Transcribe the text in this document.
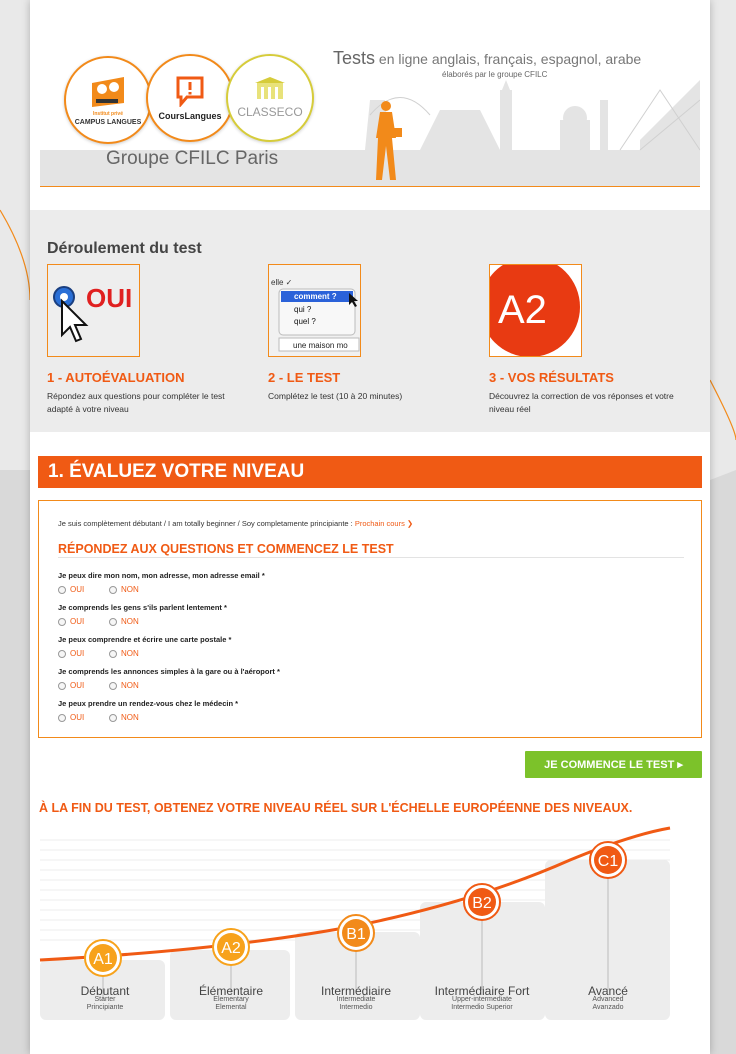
Institut privé
CAMPUS LANGUES
CoursLangues CLASSECO
Tests en ligne anglais, français, espagnol, arabe
élaborés par le groupe CFILC
Groupe CFILC Paris
Déroulement du test
OUI
1 - AUTOÉVALUATION
Répondez aux questions pour compléter le test adapté à votre niveau
elle ✓
comment ?
qui ?
quel ?
une maison mo
2 - LE TEST
Complétez le test (10 à 20 minutes)
A2
3 - VOS RÉSULTATS
Découvrez la correction de vos réponses et votre niveau réel
1. ÉVALUEZ VOTRE NIVEAU
Je suis complètement débutant / I am totally beginner / Soy completamente principiante : Prochain cours ❯
RÉPONDEZ AUX QUESTIONS ET COMMENCEZ LE TEST
Je peux dire mon nom, mon adresse, mon adresse email *
OUI	NON
Je comprends les gens s'ils parlent lentement *
OUI	NON
Je peux comprendre et écrire une carte postale *
OUI	NON
Je comprends les annonces simples à la gare ou à l'aéroport *
OUI	NON
Je peux prendre un rendez-vous chez le médecin *
OUI	NON
JE COMMENCE LE TEST ▸
À LA FIN DU TEST, OBTENEZ VOTRE NIVEAU RÉEL SUR L'ÉCHELLE EUROPÉENNE DES NIVEAUX.
A1
A2
B1
B2
C1
Débutant
Starter
Principiante
Élémentaire
Elementary
Elemental
Intermédiaire
Intermediate
Intermedio
Intermédiaire Fort
Upper-intermediate
Intermedio Superior
Avancé
Advanced
Avanzado
